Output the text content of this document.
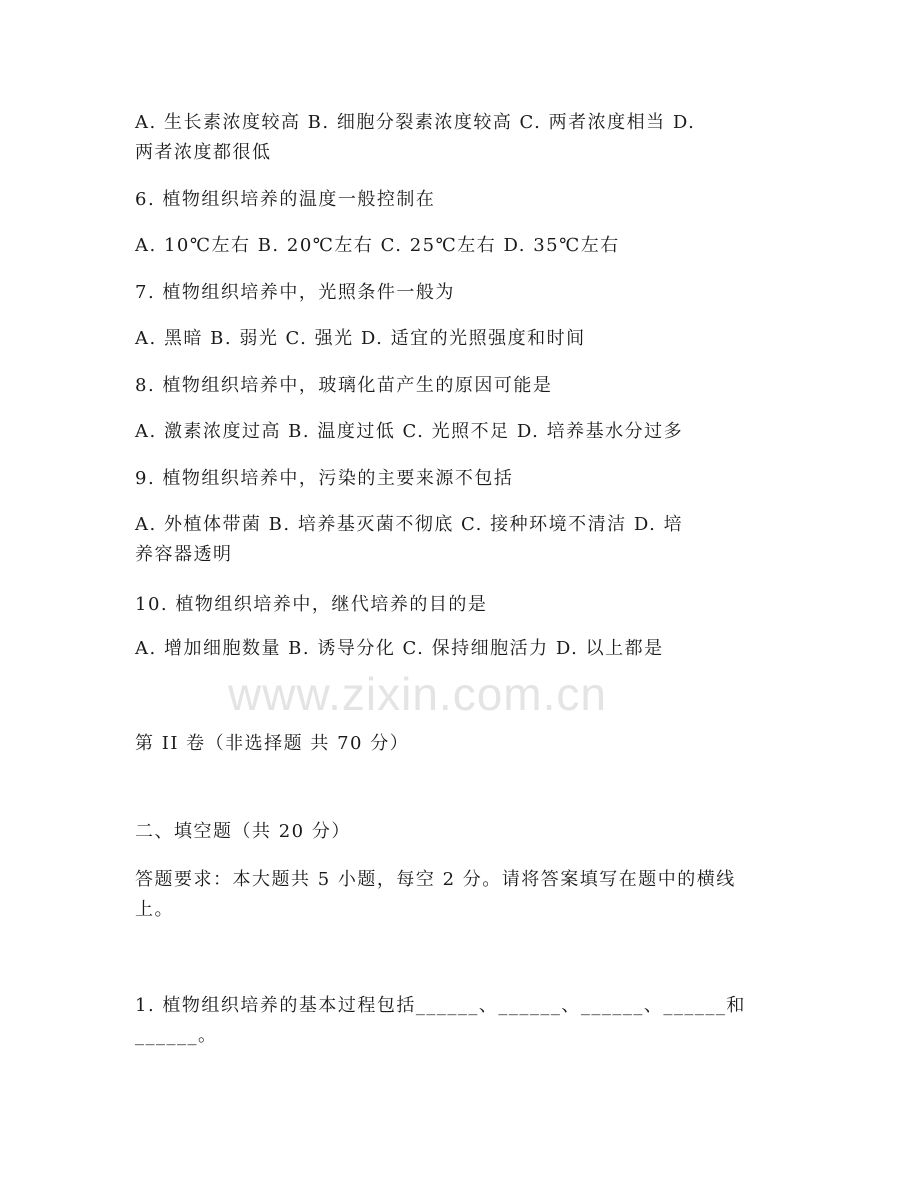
www.zixin.com.cn
A. 生长素浓度较高 B. 细胞分裂素浓度较高 C. 两者浓度相当 D.
两者浓度都很低
6. 植物组织培养的温度一般控制在
A. 10℃左右 B. 20℃左右 C. 25℃左右 D. 35℃左右
7. 植物组织培养中，光照条件一般为
A. 黑暗 B. 弱光 C. 强光 D. 适宜的光照强度和时间
8. 植物组织培养中，玻璃化苗产生的原因可能是
A. 激素浓度过高 B. 温度过低 C. 光照不足 D. 培养基水分过多
9. 植物组织培养中，污染的主要来源不包括
A. 外植体带菌 B. 培养基灭菌不彻底 C. 接种环境不清洁 D. 培
养容器透明
10. 植物组织培养中，继代培养的目的是
A. 增加细胞数量 B. 诱导分化 C. 保持细胞活力 D. 以上都是
第 II 卷（非选择题 共 70 分）
二、填空题（共 20 分）
答题要求：本大题共 5 小题，每空 2 分。请将答案填写在题中的横线
上。
1. 植物组织培养的基本过程包括______、______、______、______和
______。
